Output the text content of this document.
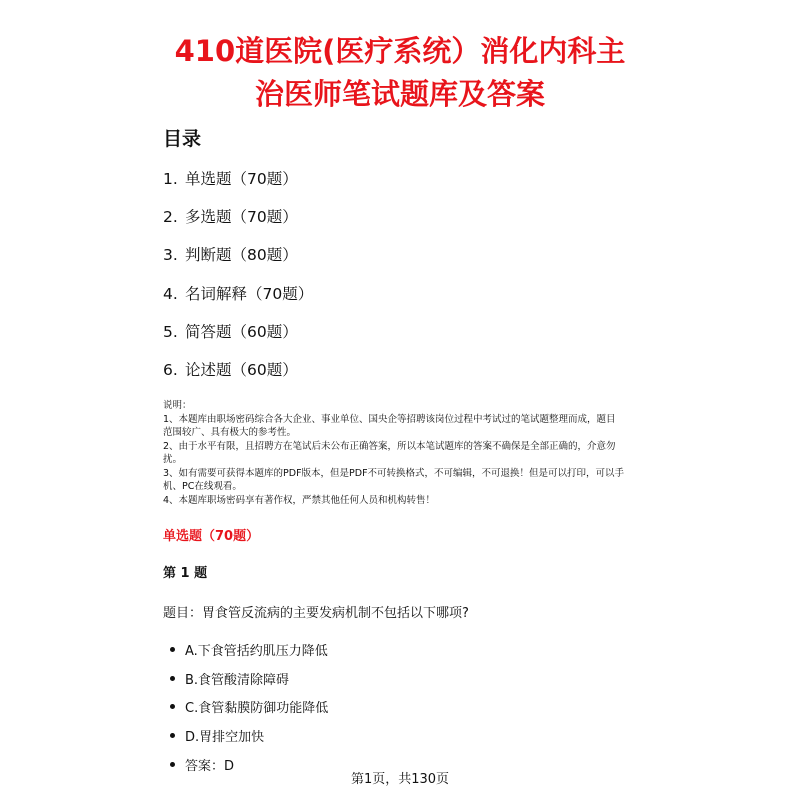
410道医院(医疗系统）消化内科主
治医师笔试题库及答案
目录
1. 单选题（70题）
2. 多选题（70题）
3. 判断题（80题）
4. 名词解释（70题）
5. 简答题（60题）
6. 论述题（60题）

说明：

1、本题库由职场密码综合各大企业、事业单位、国央企等招聘该岗位过程中考试过的笔试题整理而成，题目

范围较广、具有极大的参考性。

2、由于水平有限，且招聘方在笔试后未公布正确答案，所以本笔试题库的答案不确保是全部正确的，介意勿

扰。

3、如有需要可获得本题库的PDF版本，但是PDF不可转换格式，不可编辑，不可退换！但是可以打印，可以手

机、PC在线观看。

4、本题库职场密码享有著作权，严禁其他任何人员和机构转售！

单选题（70题）
第 1 题

题目：胃食管反流病的主要发病机制不包括以下哪项?

A.下食管括约肌压力降低
B.食管酸清除障碍
C.食管黏膜防御功能降低
D.胃排空加快
答案：D

第1页，共130页
